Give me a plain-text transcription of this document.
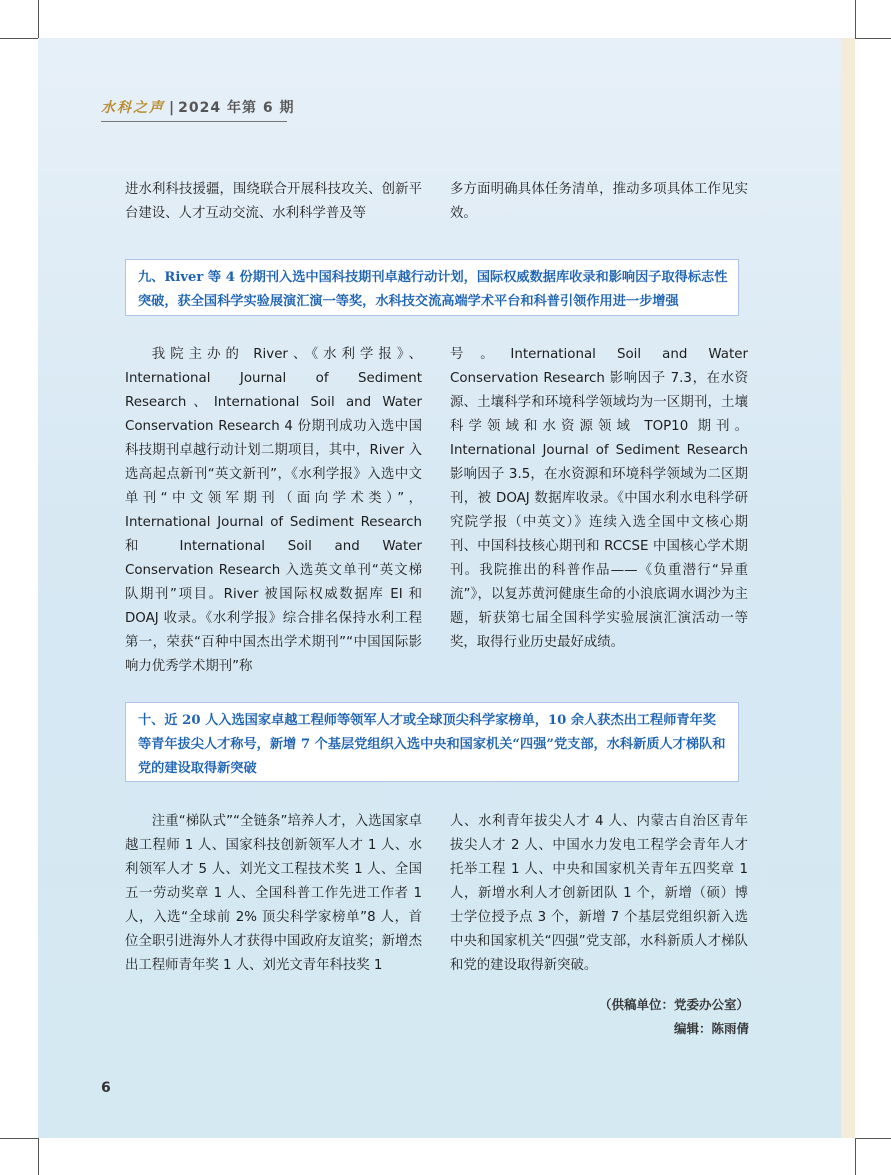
水科之声 | 2024 年第 6 期

进水利科技援疆，围绕联合开展科技攻关、创新平台建设、人才互动交流、水利科学普及等

多方面明确具体任务清单，推动多项具体工作见实效。

九、River 等 4 份期刊入选中国科技期刊卓越行动计划，国际权威数据库收录和影响因子取得标志性突破，获全国科学实验展演汇演一等奖，水科技交流高端学术平台和科普引领作用进一步增强

我院主办的 River、《水利学报》、International Journal of Sediment Research、International Soil and Water Conservation Research 4 份期刊成功入选中国科技期刊卓越行动计划二期项目，其中，River 入选高起点新刊“英文新刊”，《水利学报》入选中文单刊“中文领军期刊（面向学术类）”，International Journal of Sediment Research 和 International Soil and Water Conservation Research 入选英文单刊“英文梯队期刊”项目。River 被国际权威数据库 EI 和 DOAJ 收录。《水利学报》综合排名保持水利工程第一，荣获“百种中国杰出学术期刊”“中国国际影响力优秀学术期刊”称

号。International Soil and Water Conservation Research 影响因子 7.3，在水资源、土壤科学和环境科学领域均为一区期刊，土壤科学领域和水资源领域 TOP10 期刊。International Journal of Sediment Research 影响因子 3.5，在水资源和环境科学领域为二区期刊，被 DOAJ 数据库收录。《中国水利水电科学研究院学报（中英文）》连续入选全国中文核心期刊、中国科技核心期刊和 RCCSE 中国核心学术期刊。我院推出的科普作品——《负重潜行“异重流”》，以复苏黄河健康生命的小浪底调水调沙为主题，斩获第七届全国科学实验展演汇演活动一等奖，取得行业历史最好成绩。

十、近 20 人入选国家卓越工程师等领军人才或全球顶尖科学家榜单，10 余人获杰出工程师青年奖等青年拔尖人才称号，新增 7 个基层党组织入选中央和国家机关“四强”党支部，水科新质人才梯队和党的建设取得新突破

注重“梯队式”“全链条”培养人才，入选国家卓越工程师 1 人、国家科技创新领军人才 1 人、水利领军人才 5 人、刘光文工程技术奖 1 人、全国五一劳动奖章 1 人、全国科普工作先进工作者 1 人，入选“全球前 2% 顶尖科学家榜单”8 人，首位全职引进海外人才获得中国政府友谊奖；新增杰出工程师青年奖 1 人、刘光文青年科技奖 1

人、水利青年拔尖人才 4 人、内蒙古自治区青年拔尖人才 2 人、中国水力发电工程学会青年人才托举工程 1 人、中央和国家机关青年五四奖章 1 人，新增水利人才创新团队 1 个，新增（硕）博士学位授予点 3 个，新增 7 个基层党组织新入选中央和国家机关“四强”党支部，水科新质人才梯队和党的建设取得新突破。

（供稿单位：党委办公室）
编辑：陈雨倩
6
